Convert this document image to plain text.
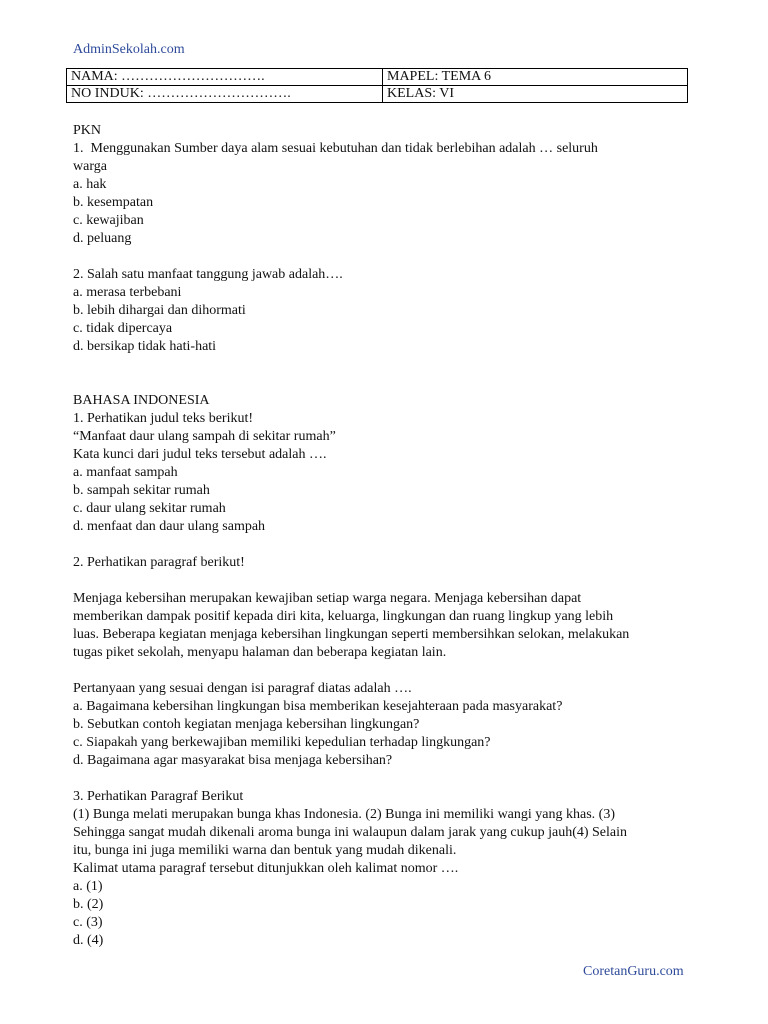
AdminSekolah.com
NAMA: ………………………….	MAPEL: TEMA 6
NO INDUK: ………………………….	KELAS: VI

PKN

1.  Menggunakan Sumber daya alam sesuai kebutuhan dan tidak berlebihan adalah … seluruh

warga

a. hak

b. kesempatan

c. kewajiban

d. peluang

2. Salah satu manfaat tanggung jawab adalah….

a. merasa terbebani

b. lebih dihargai dan dihormati

c. tidak dipercaya

d. bersikap tidak hati-hati

BAHASA INDONESIA

1. Perhatikan judul teks berikut!

“Manfaat daur ulang sampah di sekitar rumah”

Kata kunci dari judul teks tersebut adalah ….

a. manfaat sampah

b. sampah sekitar rumah

c. daur ulang sekitar rumah

d. menfaat dan daur ulang sampah

2. Perhatikan paragraf berikut!

Menjaga kebersihan merupakan kewajiban setiap warga negara. Menjaga kebersihan dapat

memberikan dampak positif kepada diri kita, keluarga, lingkungan dan ruang lingkup yang lebih

luas. Beberapa kegiatan menjaga kebersihan lingkungan seperti membersihkan selokan, melakukan

tugas piket sekolah, menyapu halaman dan beberapa kegiatan lain.

Pertanyaan yang sesuai dengan isi paragraf diatas adalah ….

a. Bagaimana kebersihan lingkungan bisa memberikan kesejahteraan pada masyarakat?

b. Sebutkan contoh kegiatan menjaga kebersihan lingkungan?

c. Siapakah yang berkewajiban memiliki kepedulian terhadap lingkungan?

d. Bagaimana agar masyarakat bisa menjaga kebersihan?

3. Perhatikan Paragraf Berikut

(1) Bunga melati merupakan bunga khas Indonesia. (2) Bunga ini memiliki wangi yang khas. (3)

Sehingga sangat mudah dikenali aroma bunga ini walaupun dalam jarak yang cukup jauh(4) Selain

itu, bunga ini juga memiliki warna dan bentuk yang mudah dikenali.

Kalimat utama paragraf tersebut ditunjukkan oleh kalimat nomor ….

a. (1)

b. (2)

c. (3)

d. (4)

CoretanGuru.com
